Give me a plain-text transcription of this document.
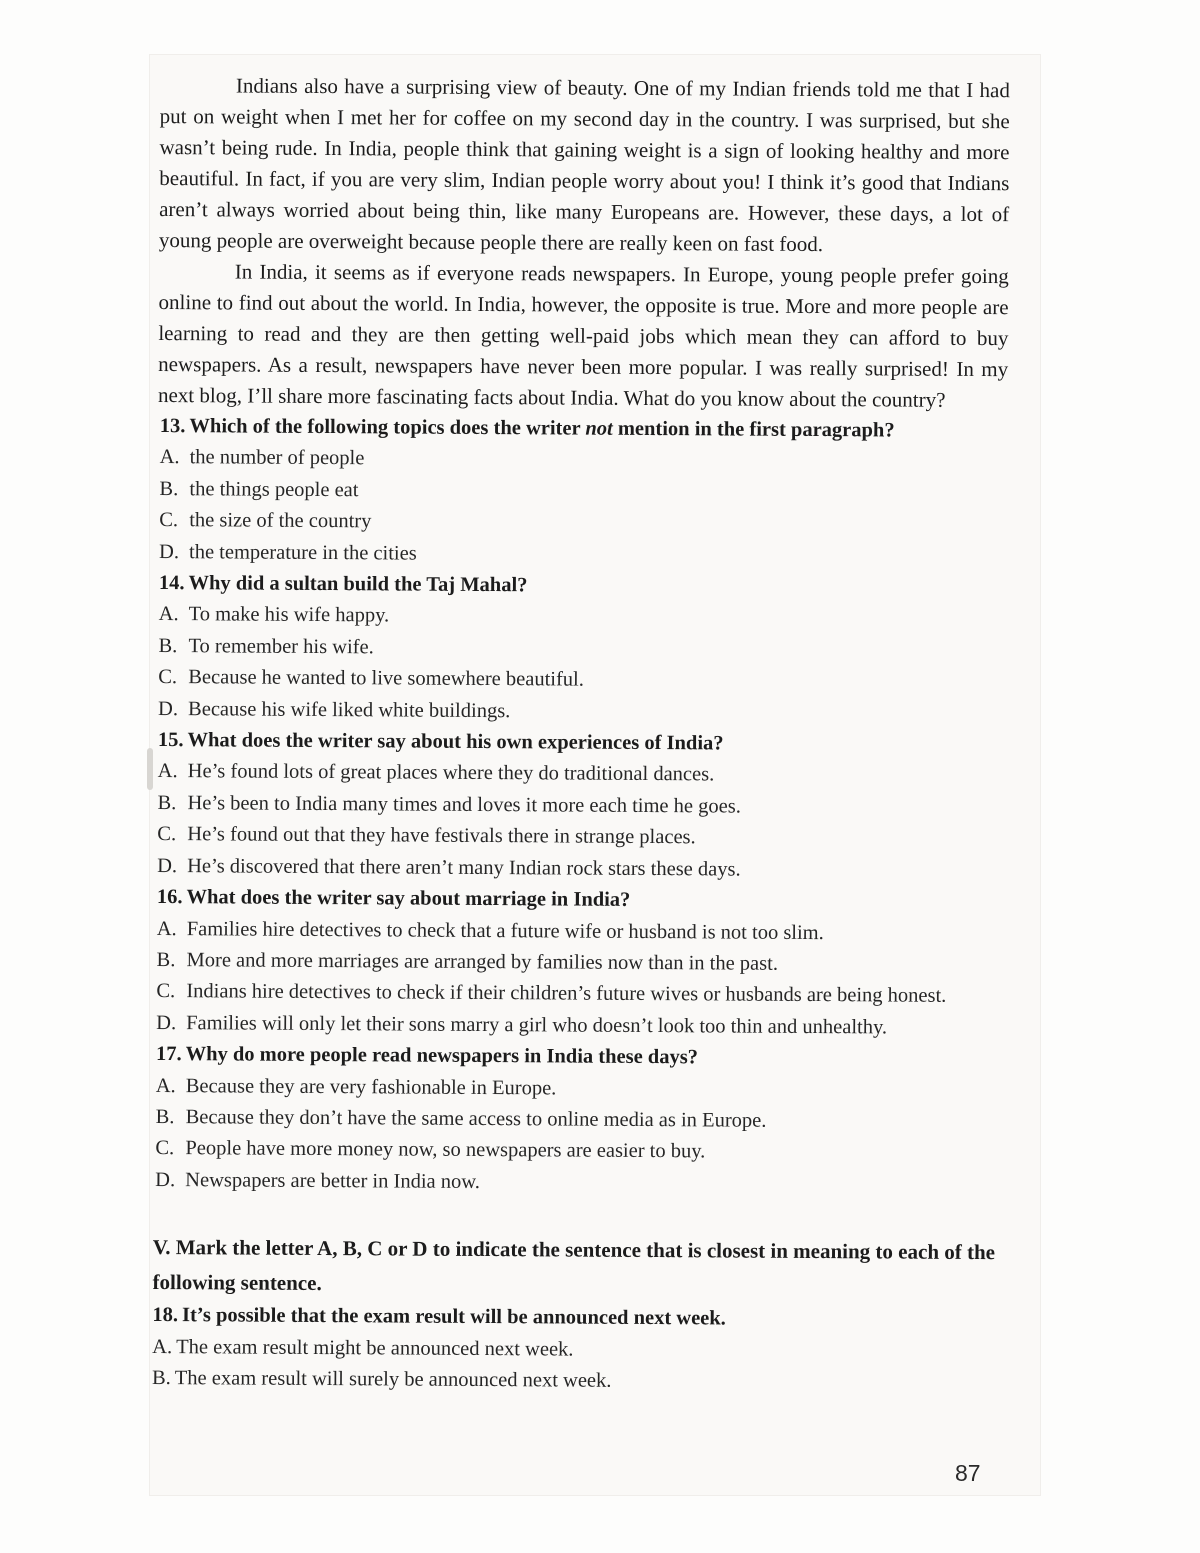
Indians also have a surprising view of beauty. One of my Indian friends told me that I had put on weight when I met her for coffee on my second day in the country. I was surprised, but she wasn’t being rude. In India, people think that gaining weight is a sign of looking healthy and more beautiful. In fact, if you are very slim, Indian people worry about you! I think it’s good that Indians aren’t always worried about being thin, like many Europeans are. However, these days, a lot of young people are overweight because people there are really keen on fast food.

In India, it seems as if everyone reads newspapers. In Europe, young people prefer going online to find out about the world. In India, however, the opposite is true. More and more people are learning to read and they are then getting well-paid jobs which mean they can afford to buy newspapers. As a result, newspapers have never been more popular. I was really surprised! In my next blog, I’ll share more fascinating facts about India. What do you know about the country?

13. Which of the following topics does the writer not mention in the first paragraph?

A. the number of people
B. the things people eat
C. the size of the country
D. the temperature in the cities

14. Why did a sultan build the Taj Mahal?

A. To make his wife happy.
B. To remember his wife.
C. Because he wanted to live somewhere beautiful.
D. Because his wife liked white buildings.

15. What does the writer say about his own experiences of India?

A. He’s found lots of great places where they do traditional dances.
B. He’s been to India many times and loves it more each time he goes.
C. He’s found out that they have festivals there in strange places.
D. He’s discovered that there aren’t many Indian rock stars these days.

16. What does the writer say about marriage in India?

A. Families hire detectives to check that a future wife or husband is not too slim.
B. More and more marriages are arranged by families now than in the past.
C. Indians hire detectives to check if their children’s future wives or husbands are being honest.
D. Families will only let their sons marry a girl who doesn’t look too thin and unhealthy.

17. Why do more people read newspapers in India these days?

A. Because they are very fashionable in Europe.
B. Because they don’t have the same access to online media as in Europe.
C. People have more money now, so newspapers are easier to buy.
D. Newspapers are better in India now.

V. Mark the letter A, B, C or D to indicate the sentence that is closest in meaning to each of the following sentence.

18. It’s possible that the exam result will be announced next week.

A. The exam result might be announced next week.
B. The exam result will surely be announced next week.
87
